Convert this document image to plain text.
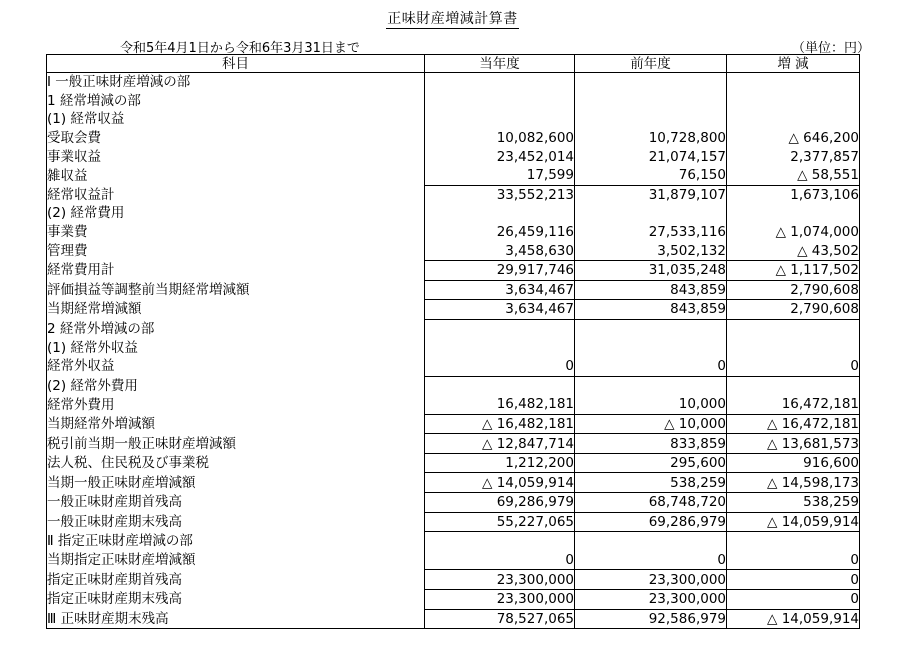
正味財産増減計算書
令和5年4月1日から令和6年3月31日まで	（単位：円）
科目	当年度	前年度	増 減
Ⅰ 一般正味財産増減の部			
1 経常増減の部			
(1) 経常収益			
受取会費	10,082,600	10,728,800	△ 646,200
事業収益	23,452,014	21,074,157	2,377,857
雑収益	17,599	76,150	△ 58,551
経常収益計	33,552,213	31,879,107	1,673,106
(2) 経常費用			
事業費	26,459,116	27,533,116	△ 1,074,000
管理費	3,458,630	3,502,132	△ 43,502
経常費用計	29,917,746	31,035,248	△ 1,117,502
評価損益等調整前当期経常増減額	3,634,467	843,859	2,790,608
当期経常増減額	3,634,467	843,859	2,790,608
2 経常外増減の部			
(1) 経常外収益			
経常外収益	0	0	0
(2) 経常外費用			
経常外費用	16,482,181	10,000	16,472,181
当期経常外増減額	△ 16,482,181	△ 10,000	△ 16,472,181
税引前当期一般正味財産増減額	△ 12,847,714	833,859	△ 13,681,573
法人税、住民税及び事業税	1,212,200	295,600	916,600
当期一般正味財産増減額	△ 14,059,914	538,259	△ 14,598,173
一般正味財産期首残高	69,286,979	68,748,720	538,259
一般正味財産期末残高	55,227,065	69,286,979	△ 14,059,914
Ⅱ 指定正味財産増減の部			
当期指定正味財産増減額	0	0	0
指定正味財産期首残高	23,300,000	23,300,000	0
指定正味財産期末残高	23,300,000	23,300,000	0
Ⅲ 正味財産期末残高	78,527,065	92,586,979	△ 14,059,914
